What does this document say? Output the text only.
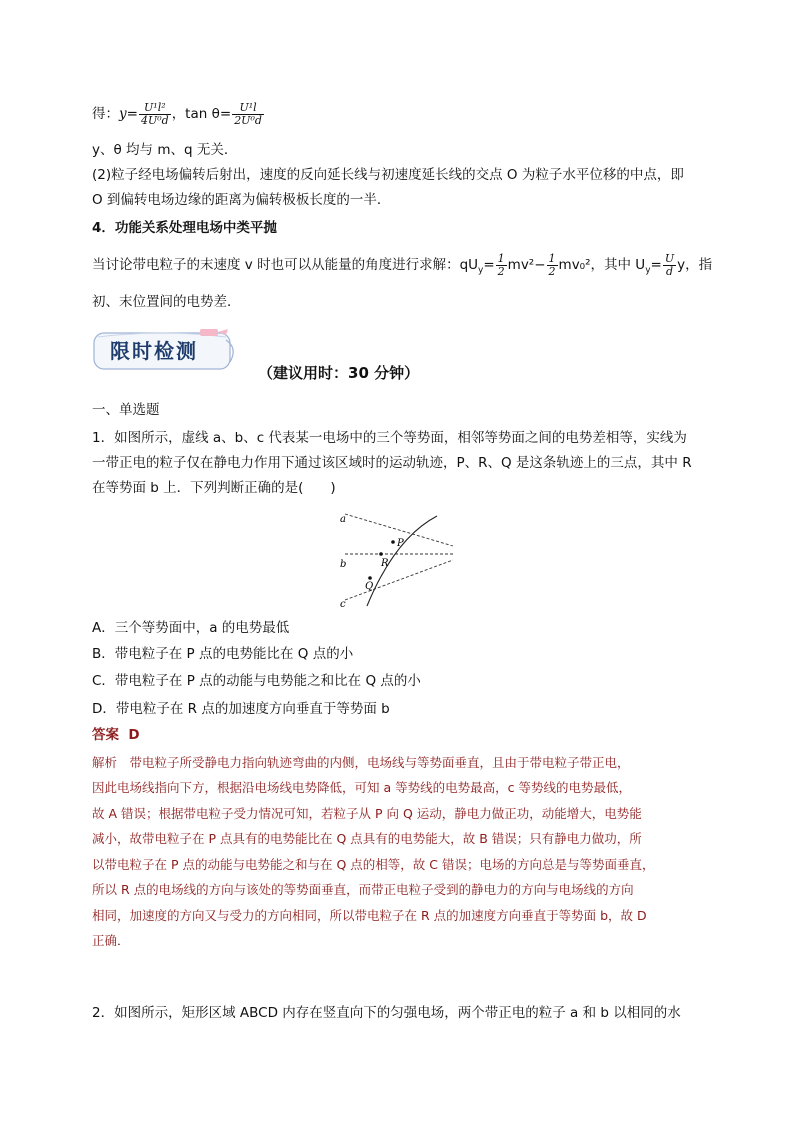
得：$y= \frac{\text{U¹l²}}{\text{4U⁰d}}$ ，$\tan \theta= \frac{\text{U¹l}}{\text{2U⁰d}}$
y、θ 均与 m、q 无关．
(2)粒子经电场偏转后射出，速度的反向延长线与初速度延长线的交点 O 为粒子水平位移的中点，即
O 到偏转电场边缘的距离为偏转极板长度的一半．
4．功能关系处理电场中类平抛
当讨论带电粒子的末速度 v 时也可以从能量的角度进行求解：$qU_y= \frac{1}{2} mv^2- \frac{1}{2} mv_0^2$，其中 $U_y= \frac{U}{d}$ y，指
初、末位置间的电势差．
限时检测
（建议用时：30 分钟）
一、单选题
1．如图所示，虚线 a、b、c 代表某一电场中的三个等势面，相邻等势面之间的电势差相等，实线为
一带正电的粒子仅在静电力作用下通过该区域时的运动轨迹，P、R、Q 是这条轨迹上的三点，其中 R
在等势面 b 上．下列判断正确的是(　　)
a
b
c
P
R
Q
A．三个等势面中，a 的电势最低
B．带电粒子在 P 点的电势能比在 Q 点的小
C．带电粒子在 P 点的动能与电势能之和比在 Q 点的小
D．带电粒子在 R 点的加速度方向垂直于等势面 b
答案 D
解析　带电粒子所受静电力指向轨迹弯曲的内侧，电场线与等势面垂直，且由于带电粒子带正电，
因此电场线指向下方，根据沿电场线电势降低，可知 a 等势线的电势最高，c 等势线的电势最低，
故 A 错误；根据带电粒子受力情况可知，若粒子从 P 向 Q 运动，静电力做正功，动能增大，电势能
减小，故带电粒子在 P 点具有的电势能比在 Q 点具有的电势能大，故 B 错误；只有静电力做功，所
以带电粒子在 P 点的动能与电势能之和与在 Q 点的相等，故 C 错误；电场的方向总是与等势面垂直，
所以 R 点的电场线的方向与该处的等势面垂直，而带正电粒子受到的静电力的方向与电场线的方向
相同，加速度的方向又与受力的方向相同，所以带电粒子在 R 点的加速度方向垂直于等势面 b，故 D
正确．
2．如图所示，矩形区域 ABCD 内存在竖直向下的匀强电场，两个带正电的粒子 a 和 b 以相同的水
